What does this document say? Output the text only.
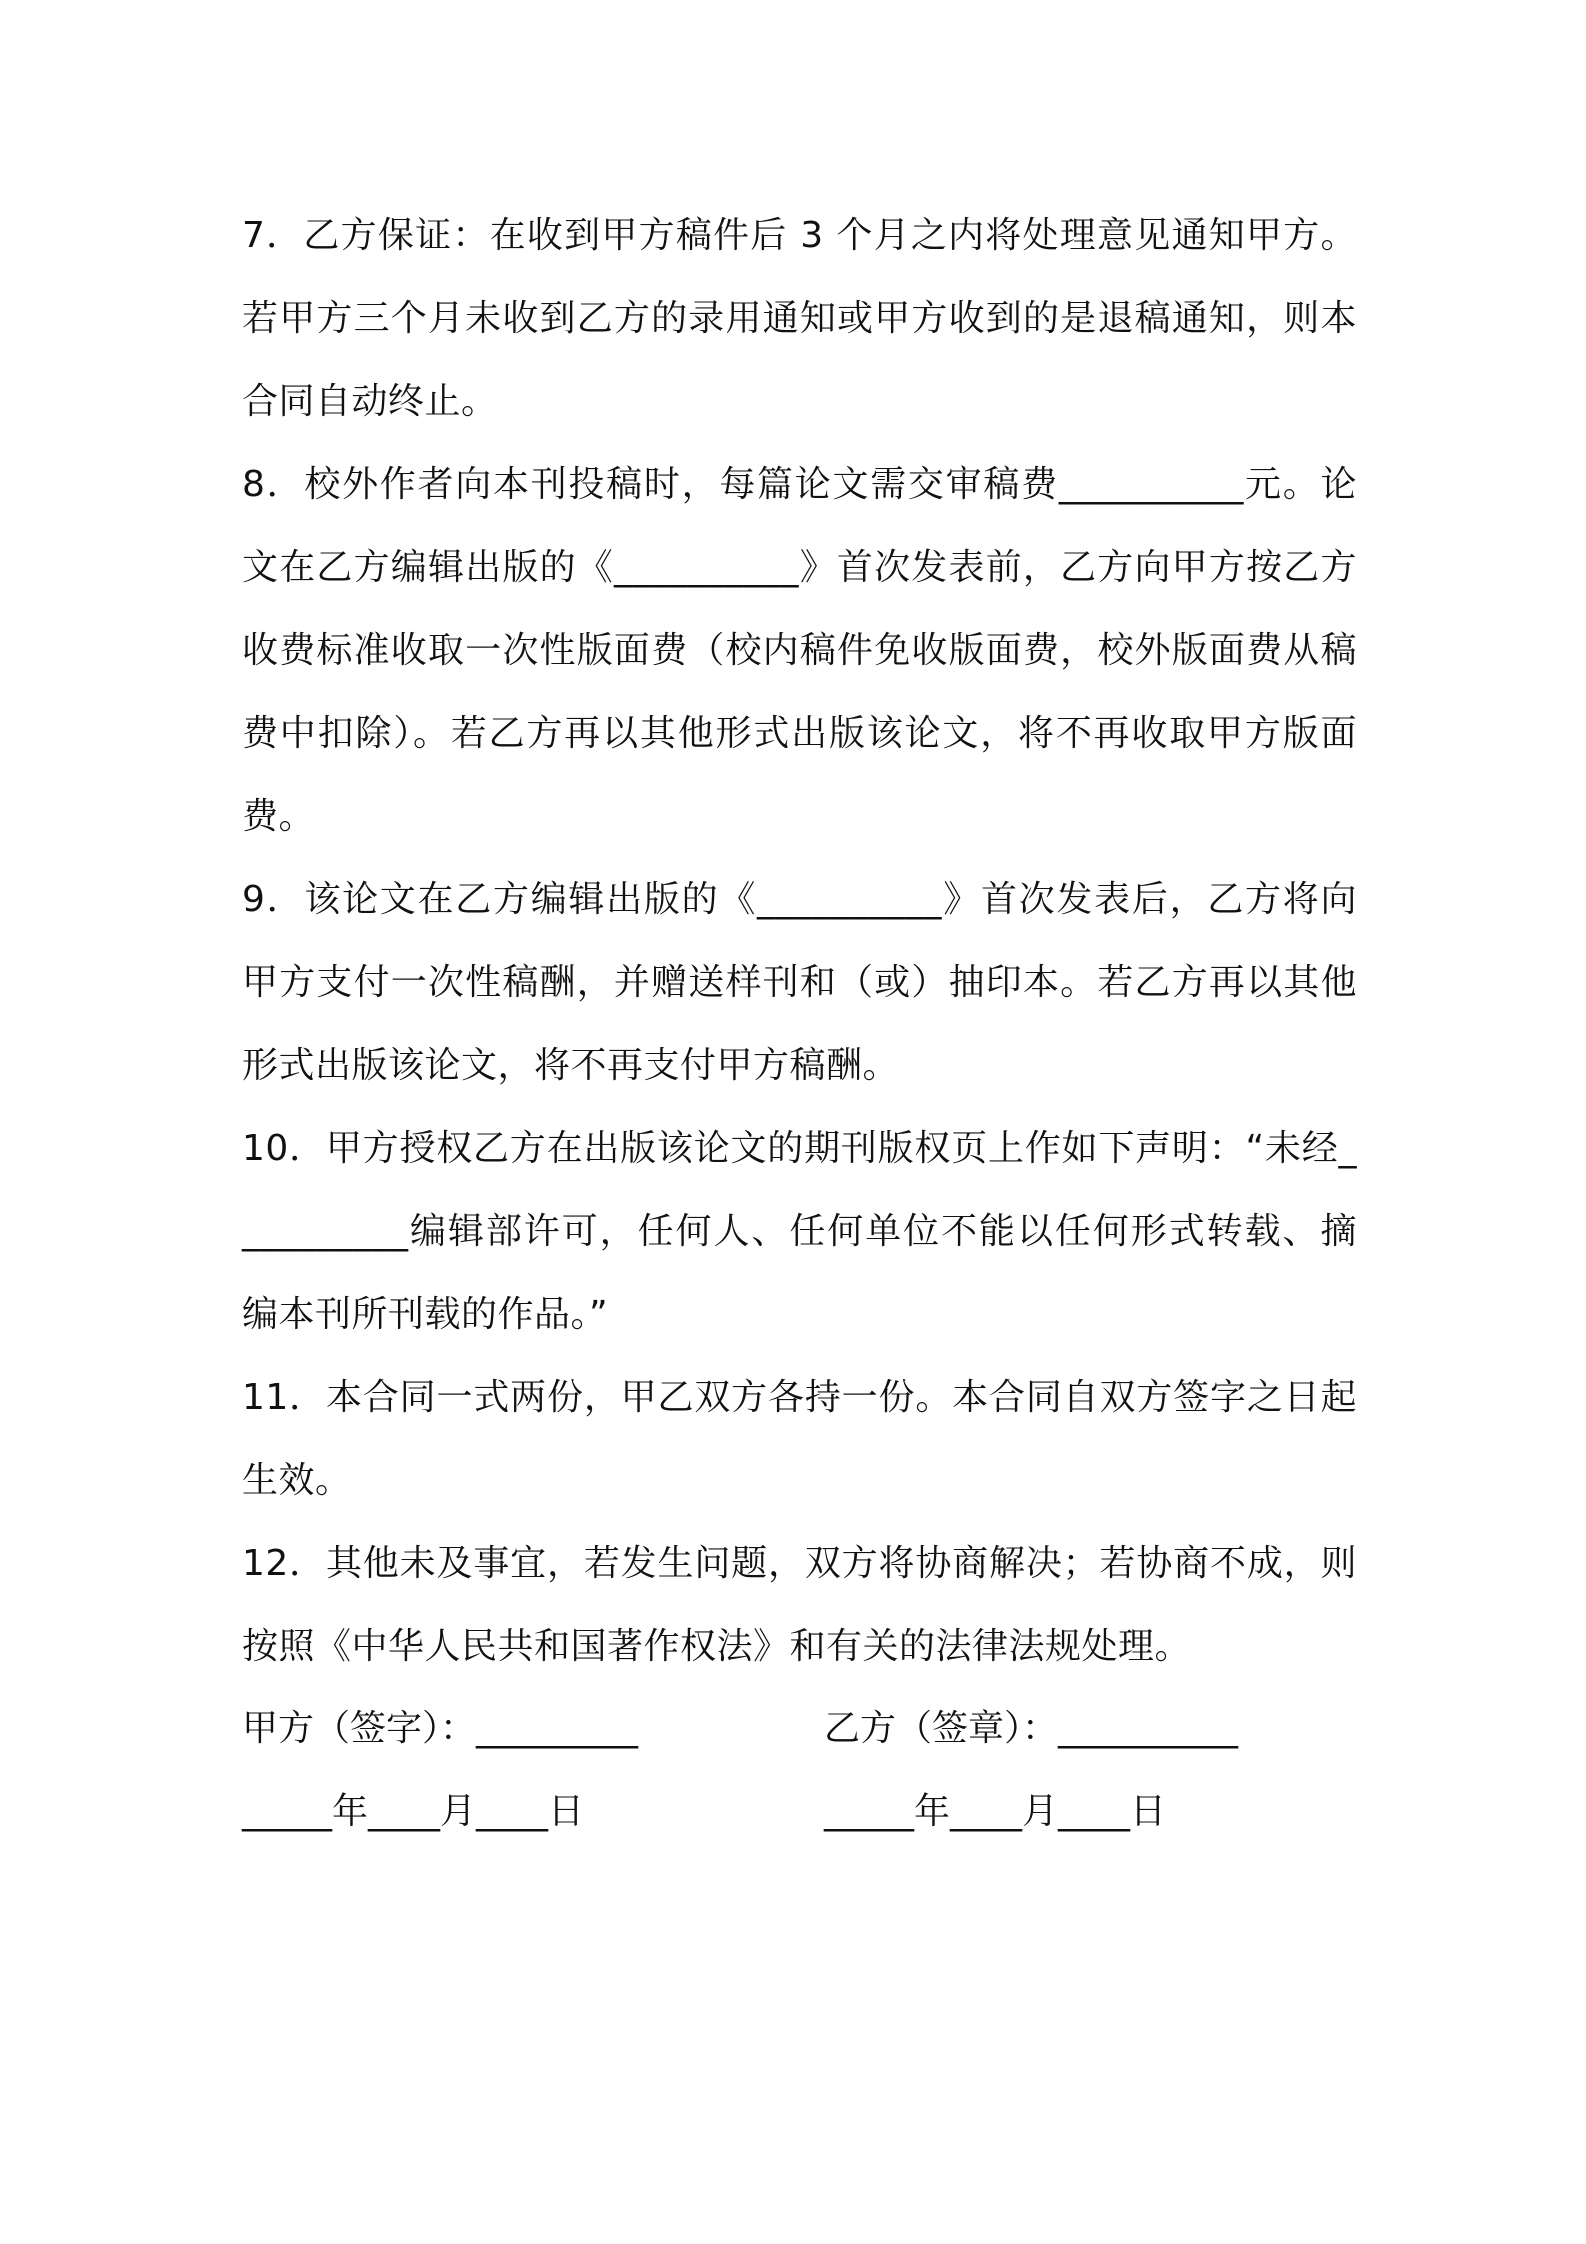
7．乙方保证：在收到甲方稿件后 3 个月之内将处理意见通知甲方。若甲方三个月未收到乙方的录用通知或甲方收到的是退稿通知，则本合同自动终止。

8．校外作者向本刊投稿时，每篇论文需交审稿费__________元。论文在乙方编辑出版的《__________》首次发表前，乙方向甲方按乙方收费标准收取一次性版面费（校内稿件免收版面费，校外版面费从稿费中扣除）。若乙方再以其他形式出版该论文，将不再收取甲方版面费。

9．该论文在乙方编辑出版的《__________》首次发表后，乙方将向甲方支付一次性稿酬，并赠送样刊和（或）抽印本。若乙方再以其他形式出版该论文，将不再支付甲方稿酬。

10．甲方授权乙方在出版该论文的期刊版权页上作如下声明：“未经__________编辑部许可，任何人、任何单位不能以任何形式转载、摘编本刊所刊载的作品。”

11．本合同一式两份，甲乙双方各持一份。本合同自双方签字之日起生效。

12．其他未及事宜，若发生问题，双方将协商解决；若协商不成，则按照《中华人民共和国著作权法》和有关的法律法规处理。

甲方（签字）：_________	乙方（签章）：__________
_____年____月____日	_____年____月____日
